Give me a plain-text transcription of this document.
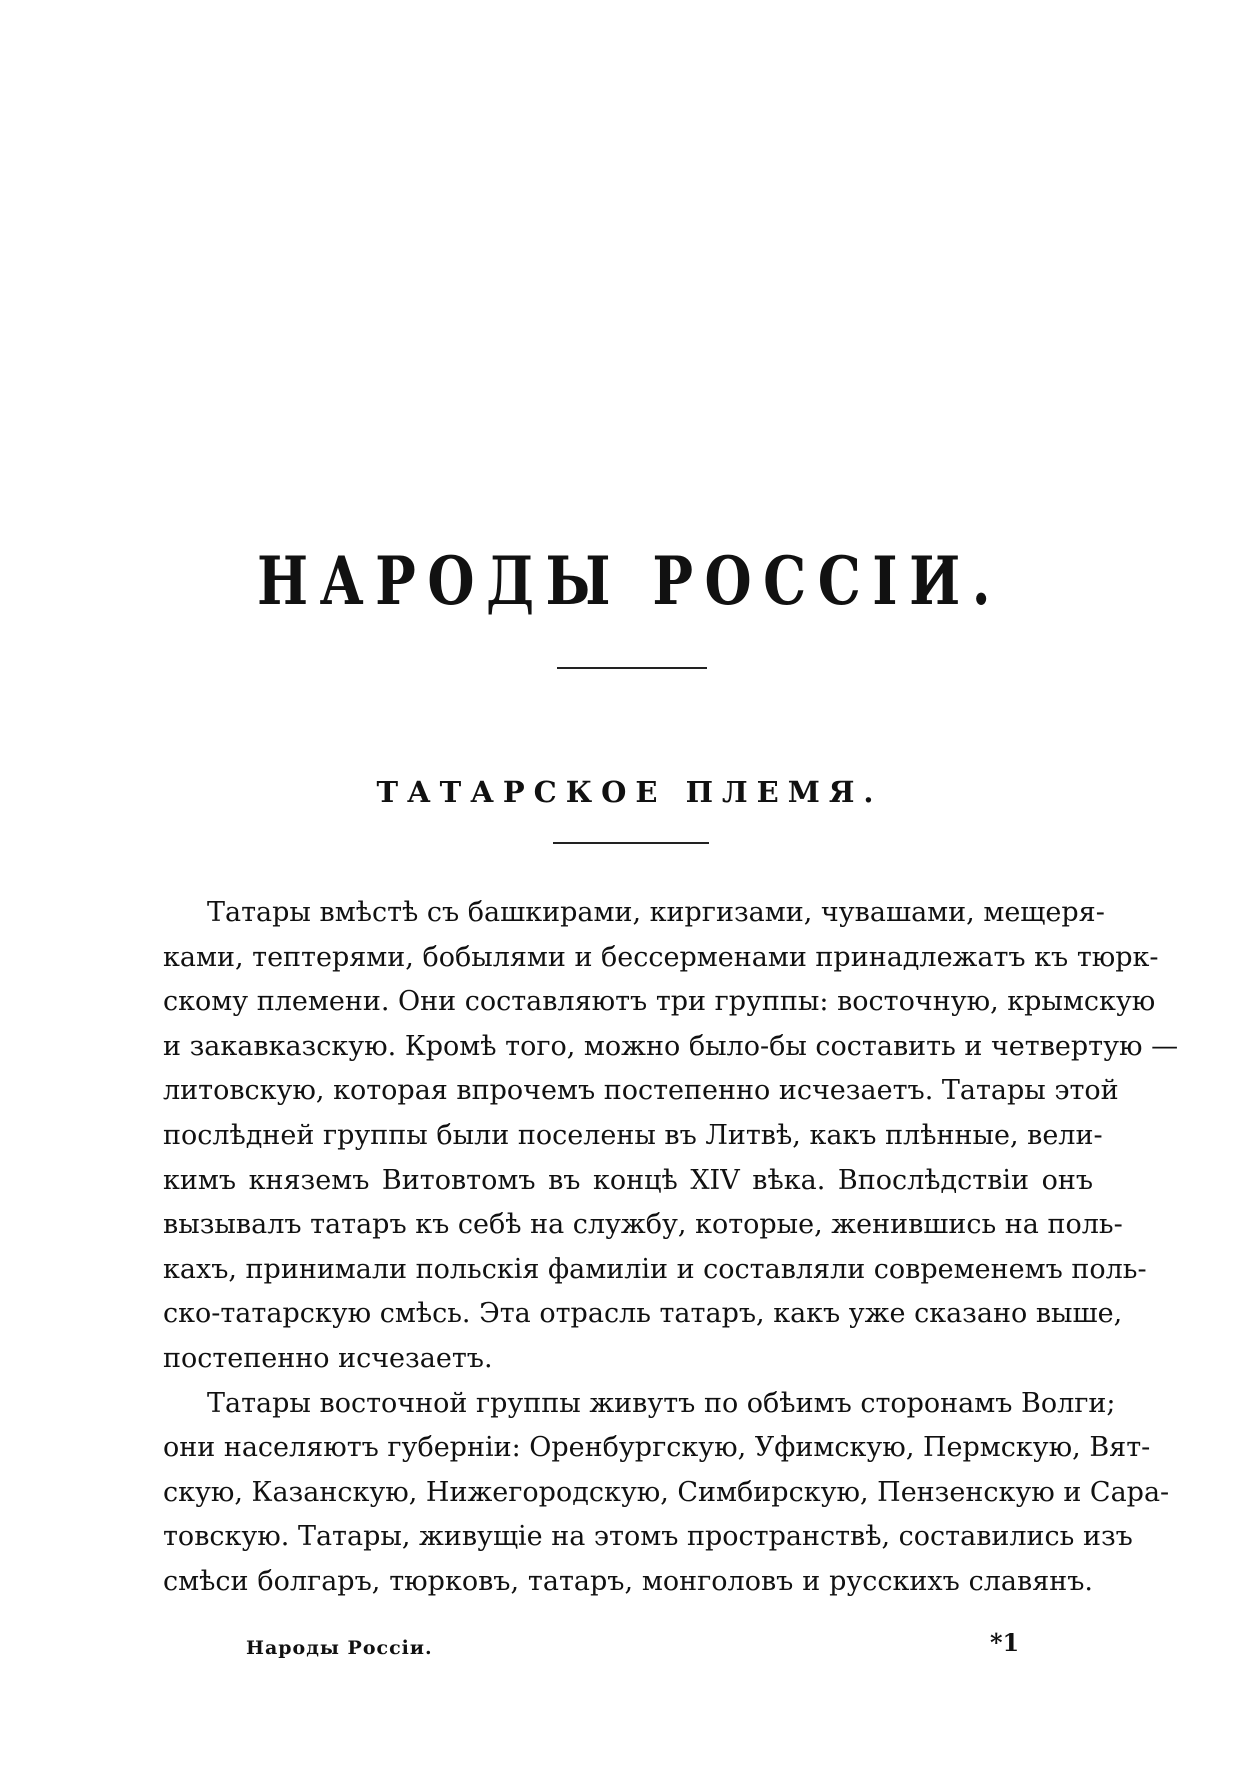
НАРОДЫ РОССІИ.
ТАТАРСКОЕ ПЛЕМЯ.
Татары вмѣстѣ съ башкирами, киргизами, чувашами, мещеря-
ками, тептерями, бобылями и бессерменами принадлежатъ къ тюрк-
скому племени. Они составляютъ три группы: восточную, крымскую
и закавказскую. Кромѣ того, можно было-бы составить и четвертую —
литовскую, которая впрочемъ постепенно исчезаетъ. Татары этой
послѣдней группы были поселены въ Литвѣ, какъ плѣнные, вели-
кимъ княземъ Витовтомъ въ концѣ XIV вѣка. Впослѣдствіи онъ
вызывалъ татаръ къ себѣ на службу, которые, женившись на поль-
кахъ, принимали польскія фамиліи и составляли современемъ поль-
ско-татарскую смѣсь. Эта отрасль татаръ, какъ уже сказано выше,
постепенно исчезаетъ.
Татары восточной группы живутъ по обѣимъ сторонамъ Волги;
они населяютъ губерніи: Оренбургскую, Уфимскую, Пермскую, Вят-
скую, Казанскую, Нижегородскую, Симбирскую, Пензенскую и Сара-
товскую. Татары, живущіе на этомъ пространствѣ, составились изъ
смѣси болгаръ, тюрковъ, татаръ, монголовъ и русскихъ славянъ.
Народы Россіи.	*1
